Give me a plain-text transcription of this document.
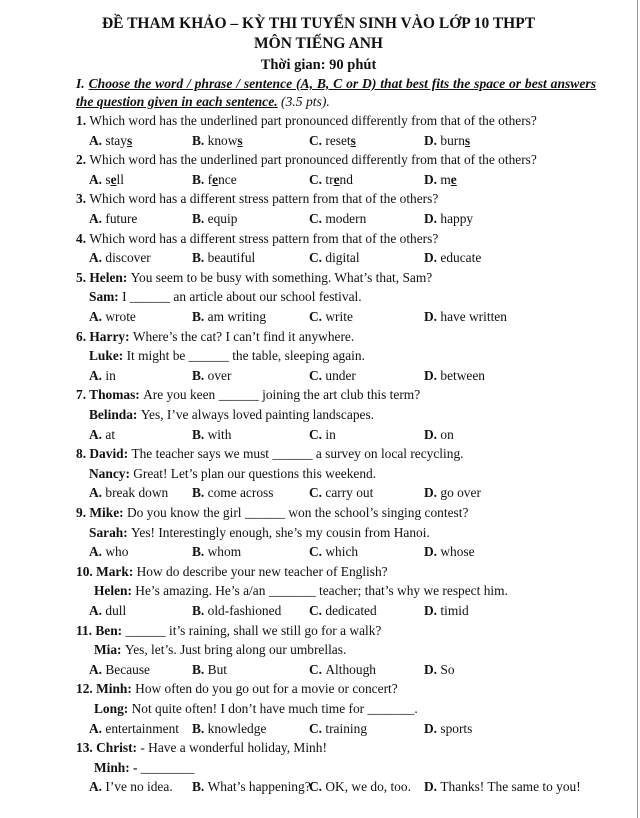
ĐỀ THAM KHẢO – KỲ THI TUYỂN SINH VÀO LỚP 10 THPT
MÔN TIẾNG ANH
Thời gian: 90 phút
I. Choose the word / phrase / sentence (A, B, C or D) that best fits the space or best answers the question given in each sentence. (3.5 pts).
1. Which word has the underlined part pronounced differently from that of the others?
A. stays	B. knows	C. resets	D. burns
2. Which word has the underlined part pronounced differently from that of the others?
A. sell	B. fence	C. trend	D. me
3. Which word has a different stress pattern from that of the others?
A. future	B. equip	C. modern	D. happy
4. Which word has a different stress pattern from that of the others?
A. discover	B. beautiful	C. digital	D. educate
5. Helen: You seem to be busy with something. What’s that, Sam?
Sam: I ______ an article about our school festival.
A. wrote	B. am writing	C. write	D. have written
6. Harry: Where’s the cat? I can’t find it anywhere.
Luke: It might be ______ the table, sleeping again.
A. in	B. over	C. under	D. between
7. Thomas: Are you keen ______ joining the art club this term?
Belinda: Yes, I’ve always loved painting landscapes.
A. at	B. with	C. in	D. on
8. David: The teacher says we must ______ a survey on local recycling.
Nancy: Great! Let’s plan our questions this weekend.
A. break down B. come across	C. carry out	D. go over
9. Mike: Do you know the girl ______ won the school’s singing contest?
Sarah: Yes! Interestingly enough, she’s my cousin from Hanoi.
A. who	B. whom	C. which	D. whose
10. Mark: How do describe your new teacher of English?
Helen: He’s amazing. He’s a/an _______ teacher; that’s why we respect him.
A. dull	B. old-fashioned C. dedicated	D. timid
11. Ben: ______ it’s raining, shall we still go for a walk?
Mia: Yes, let’s. Just bring along our umbrellas.
A. Because	B. But	C. Although	D. So
12. Minh: How often do you go out for a movie or concert?
Long: Not quite often! I don’t have much time for _______.
A. entertainment B. knowledge	C. training	D. sports
13. Christ: - Have a wonderful holiday, Minh!
Minh: - ________
A. I’ve no idea. B. What’s happening?
C. OK, we do, too. D. Thanks! The same to you!
